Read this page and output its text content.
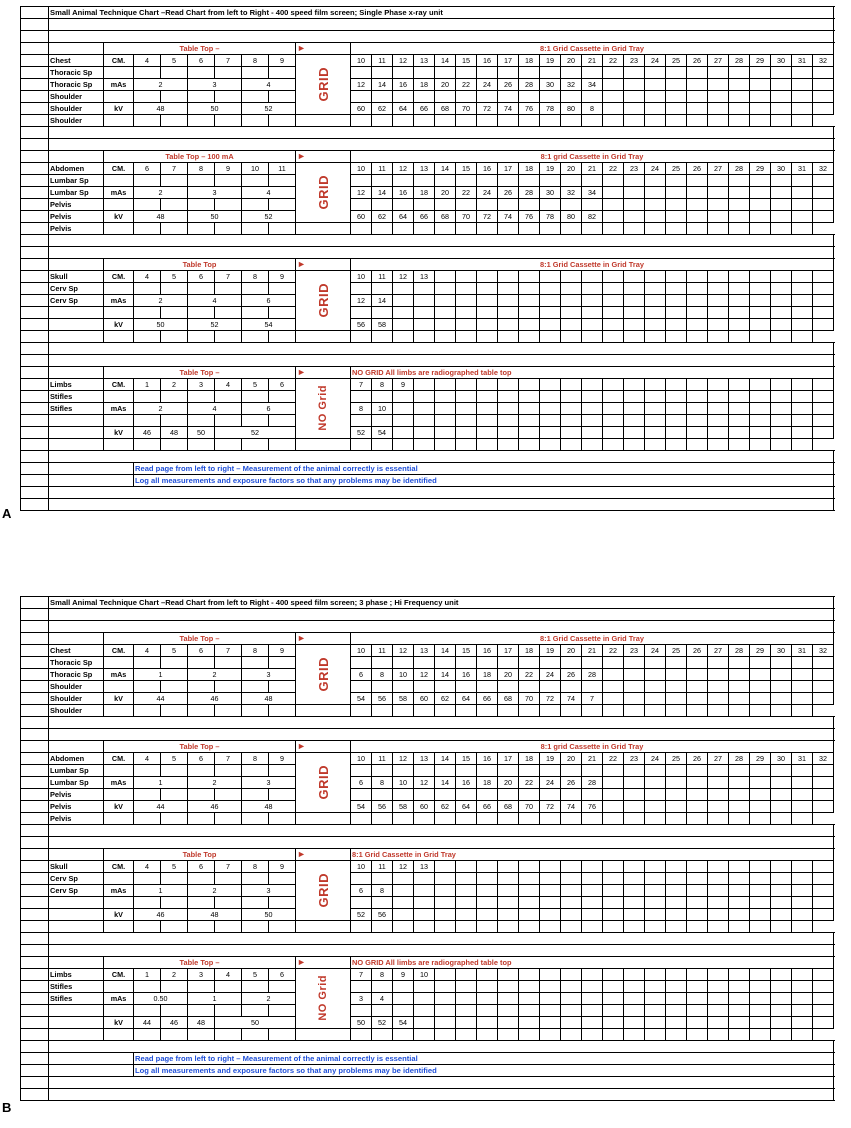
A
B
	Small Animal Technique Chart –Read Chart from left to Right - 400 speed film screen; Single Phase x-ray unit																															

		Table Top –							►	8:1 Grid Cassette in Grid Tray																						
	Chest	CM.	4	5	6	7	8	9	GRID	10	11	12	13	14	15	16	17	18	19	20	21	22	23	24	25	26	27	28	29	30	31	32
	Thoracic Sp																															
	Thoracic Sp	mAs	2		3		4			12	14	16	18	20	22	24	26	28	30	32	34											
	Shoulder																															
	Shoulder	kV	48		50		52			60	62	64	66	68	70	72	74	76	78	80	8											
	Shoulder																															

		Table Top – 100 mA							►	8:1 grid Cassette in Grid Tray																						
	Abdomen	CM.	6	7	8	9	10	11	GRID	10	11	12	13	14	15	16	17	18	19	20	21	22	23	24	25	26	27	28	29	30	31	32
	Lumbar Sp																															
	Lumbar Sp	mAs	2		3		4			12	14	16	18	20	22	24	26	28	30	32	34											
	Pelvis																															
	Pelvis	kV	48		50		52			60	62	64	66	68	70	72	74	76	78	80	82											
	Pelvis																															

		Table Top							►	8:1 Grid Cassette in Grid Tray																						
	Skull	CM.	4	5	6	7	8	9	GRID	10	11	12	13																			
	Cerv Sp																															
	Cerv Sp	mAs	2		4		6			12	14																					

		kV	50		52		54			56	58																					

		Table Top –							►	NO GRID All limbs are radiographed table top																						
	Limbs	CM.	1	2	3	4	5	6	NO Grid	7	8	9																				
	Stifles																															
	Stifles	mAs	2		4		6			8	10																					

		kV	46	48	50	52				52	54																					

			Read page from left to right – Measurement of the animal correctly is essential																													
			Log all measurements and exposure factors so that any problems may be identified																													

	Small Animal Technique Chart –Read Chart from left to Right - 400 speed film screen; 3 phase ; Hi Frequency unit																															

		Table Top –							►	8:1 Grid Cassette in Grid Tray																						
	Chest	CM.	4	5	6	7	8	9	GRID	10	11	12	13	14	15	16	17	18	19	20	21	22	23	24	25	26	27	28	29	30	31	32
	Thoracic Sp																															
	Thoracic Sp	mAs	1		2		3			6	8	10	12	14	16	18	20	22	24	26	28											
	Shoulder																															
	Shoulder	kV	44		46		48			54	56	58	60	62	64	66	68	70	72	74	7											
	Shoulder																															

		Table Top –							►	8:1 grid Cassette in Grid Tray																						
	Abdomen	CM.	4	5	6	7	8	9	GRID	10	11	12	13	14	15	16	17	18	19	20	21	22	23	24	25	26	27	28	29	30	31	32
	Lumbar Sp																															
	Lumbar Sp	mAs	1		2		3			6	8	10	12	14	16	18	20	22	24	26	28											
	Pelvis																															
	Pelvis	kV	44		46		48			54	56	58	60	62	64	66	68	70	72	74	76											
	Pelvis																															

		Table Top							►	8:1 Grid Cassette in Grid Tray																						
	Skull	CM.	4	5	6	7	8	9	GRID	10	11	12	13																			
	Cerv Sp																															
	Cerv Sp	mAs	1		2		3			6	8																					

		kV	46		48		50			52	56																					

		Table Top –							►	NO GRID All limbs are radiographed table top																						
	Limbs	CM.	1	2	3	4	5	6	NO Grid	7	8	9	10																			
	Stifles																															
	Stifles	mAs	0.50		1		2			3	4																					

		kV	44	46	48	50				50	52	54																				

			Read page from left to right – Measurement of the animal correctly is essential																													
			Log all measurements and exposure factors so that any problems may be identified																													
